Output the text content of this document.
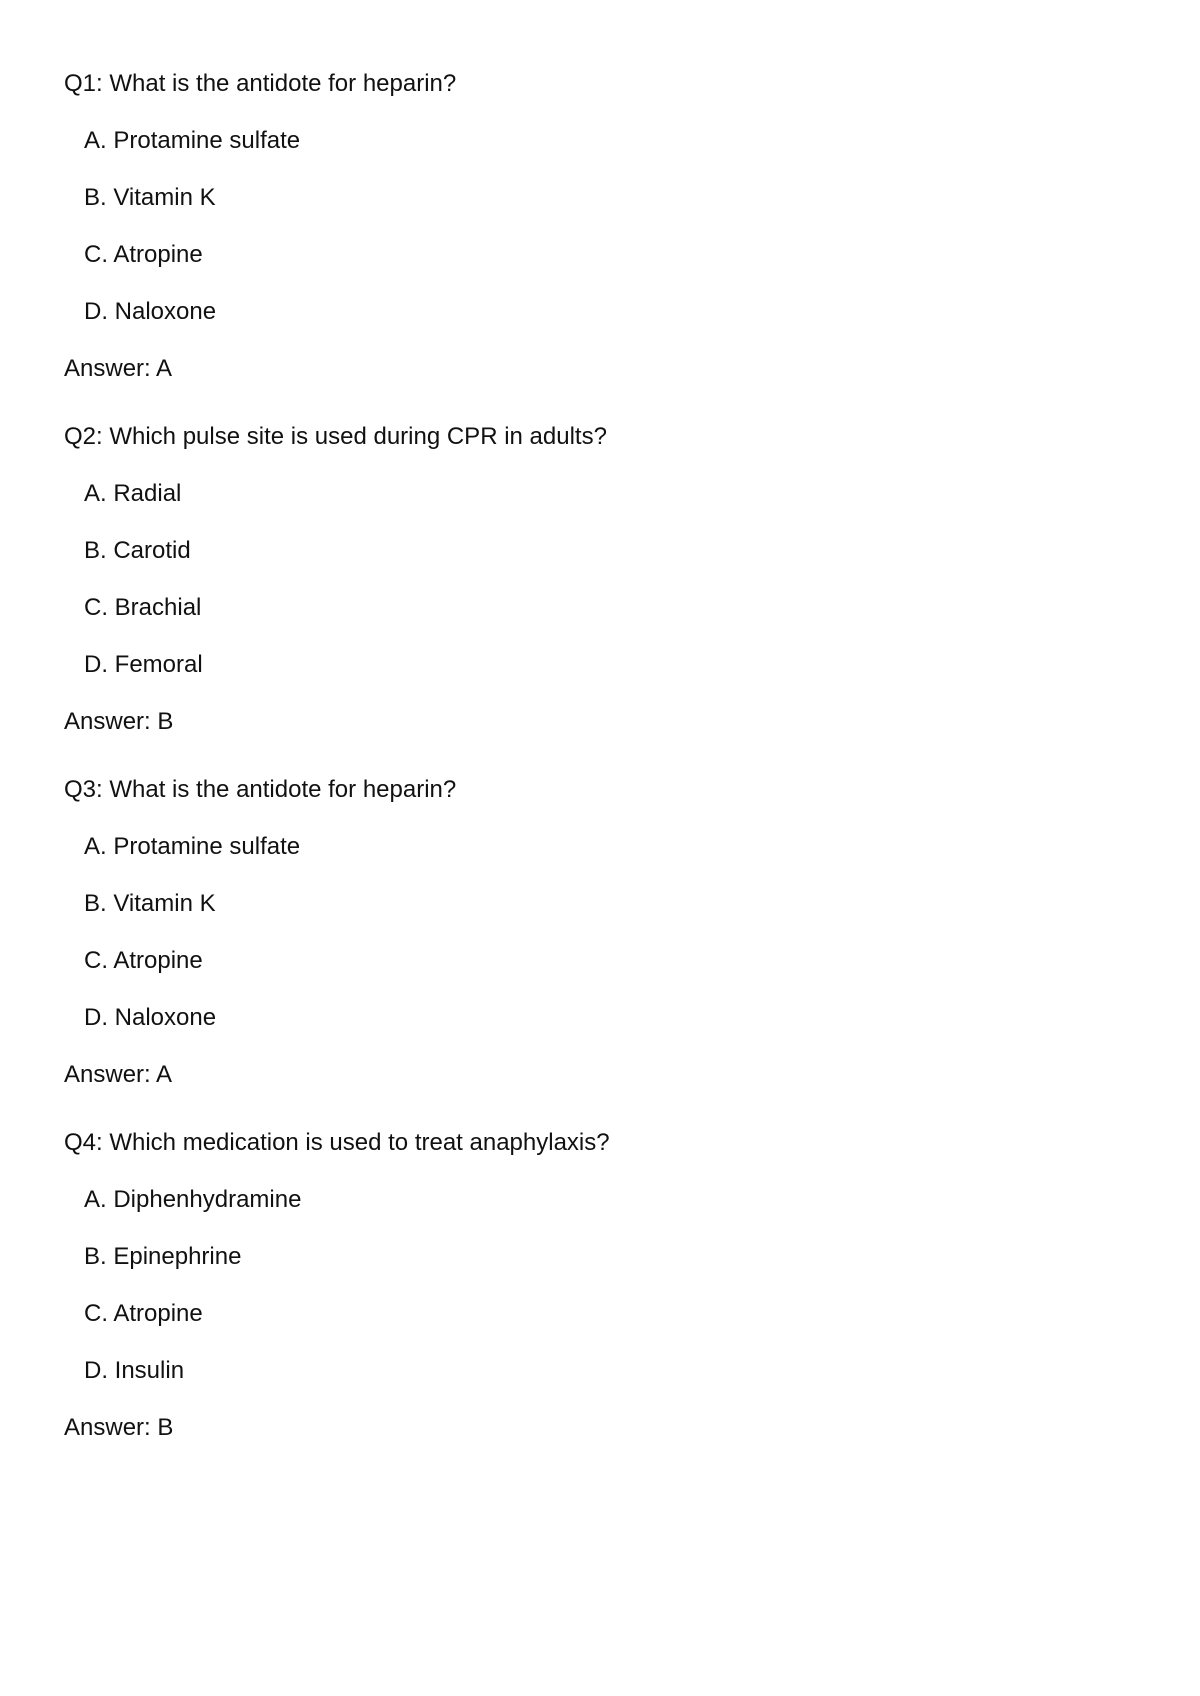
Q1: What is the antidote for heparin?
A. Protamine sulfate
B. Vitamin K
C. Atropine
D. Naloxone
Answer: A
Q2: Which pulse site is used during CPR in adults?
A. Radial
B. Carotid
C. Brachial
D. Femoral
Answer: B
Q3: What is the antidote for heparin?
A. Protamine sulfate
B. Vitamin K
C. Atropine
D. Naloxone
Answer: A
Q4: Which medication is used to treat anaphylaxis?
A. Diphenhydramine
B. Epinephrine
C. Atropine
D. Insulin
Answer: B
